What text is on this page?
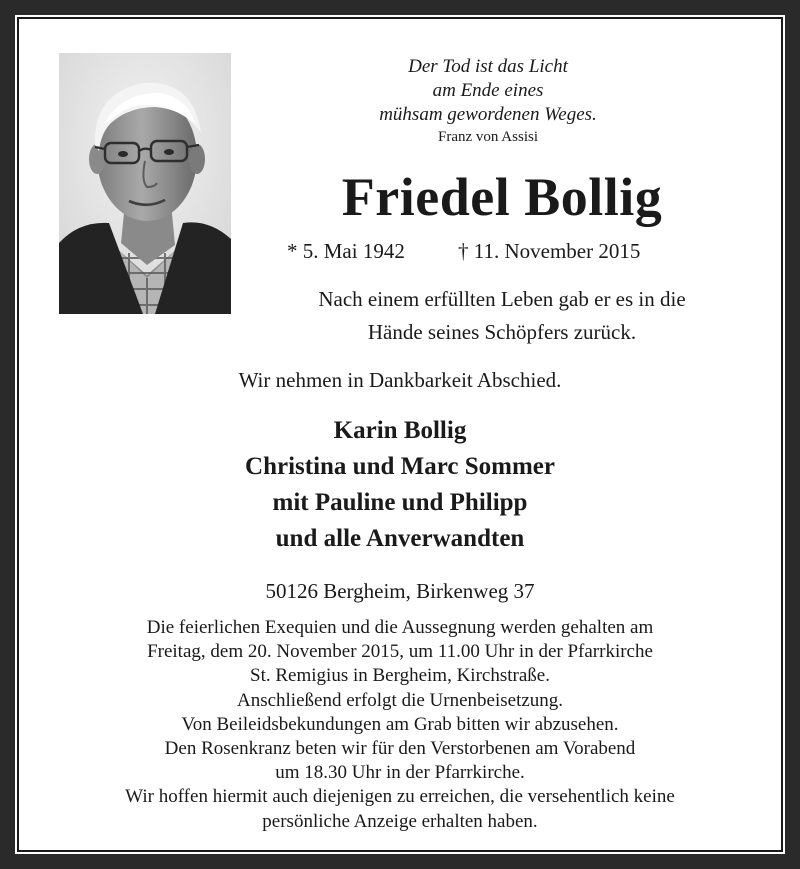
Der Tod ist das Licht
am Ende eines
mühsam gewordenen Weges.
Franz von Assisi
Friedel Bollig
* 5. Mai 1942	† 11. November 2015
Nach einem erfüllten Leben gab er es in die
Hände seines Schöpfers zurück.
Wir nehmen in Dankbarkeit Abschied.
Karin Bollig
Christina und Marc Sommer
mit Pauline und Philipp
und alle Anverwandten
50126 Bergheim, Birkenweg 37
Die feierlichen Exequien und die Aussegnung werden gehalten am
Freitag, dem 20. November 2015, um 11.00 Uhr in der Pfarrkirche
St. Remigius in Bergheim, Kirchstraße.
Anschließend erfolgt die Urnenbeisetzung.
Von Beileidsbekundungen am Grab bitten wir abzusehen.
Den Rosenkranz beten wir für den Verstorbenen am Vorabend
um 18.30 Uhr in der Pfarrkirche.
Wir hoffen hiermit auch diejenigen zu erreichen, die versehentlich keine
persönliche Anzeige erhalten haben.
